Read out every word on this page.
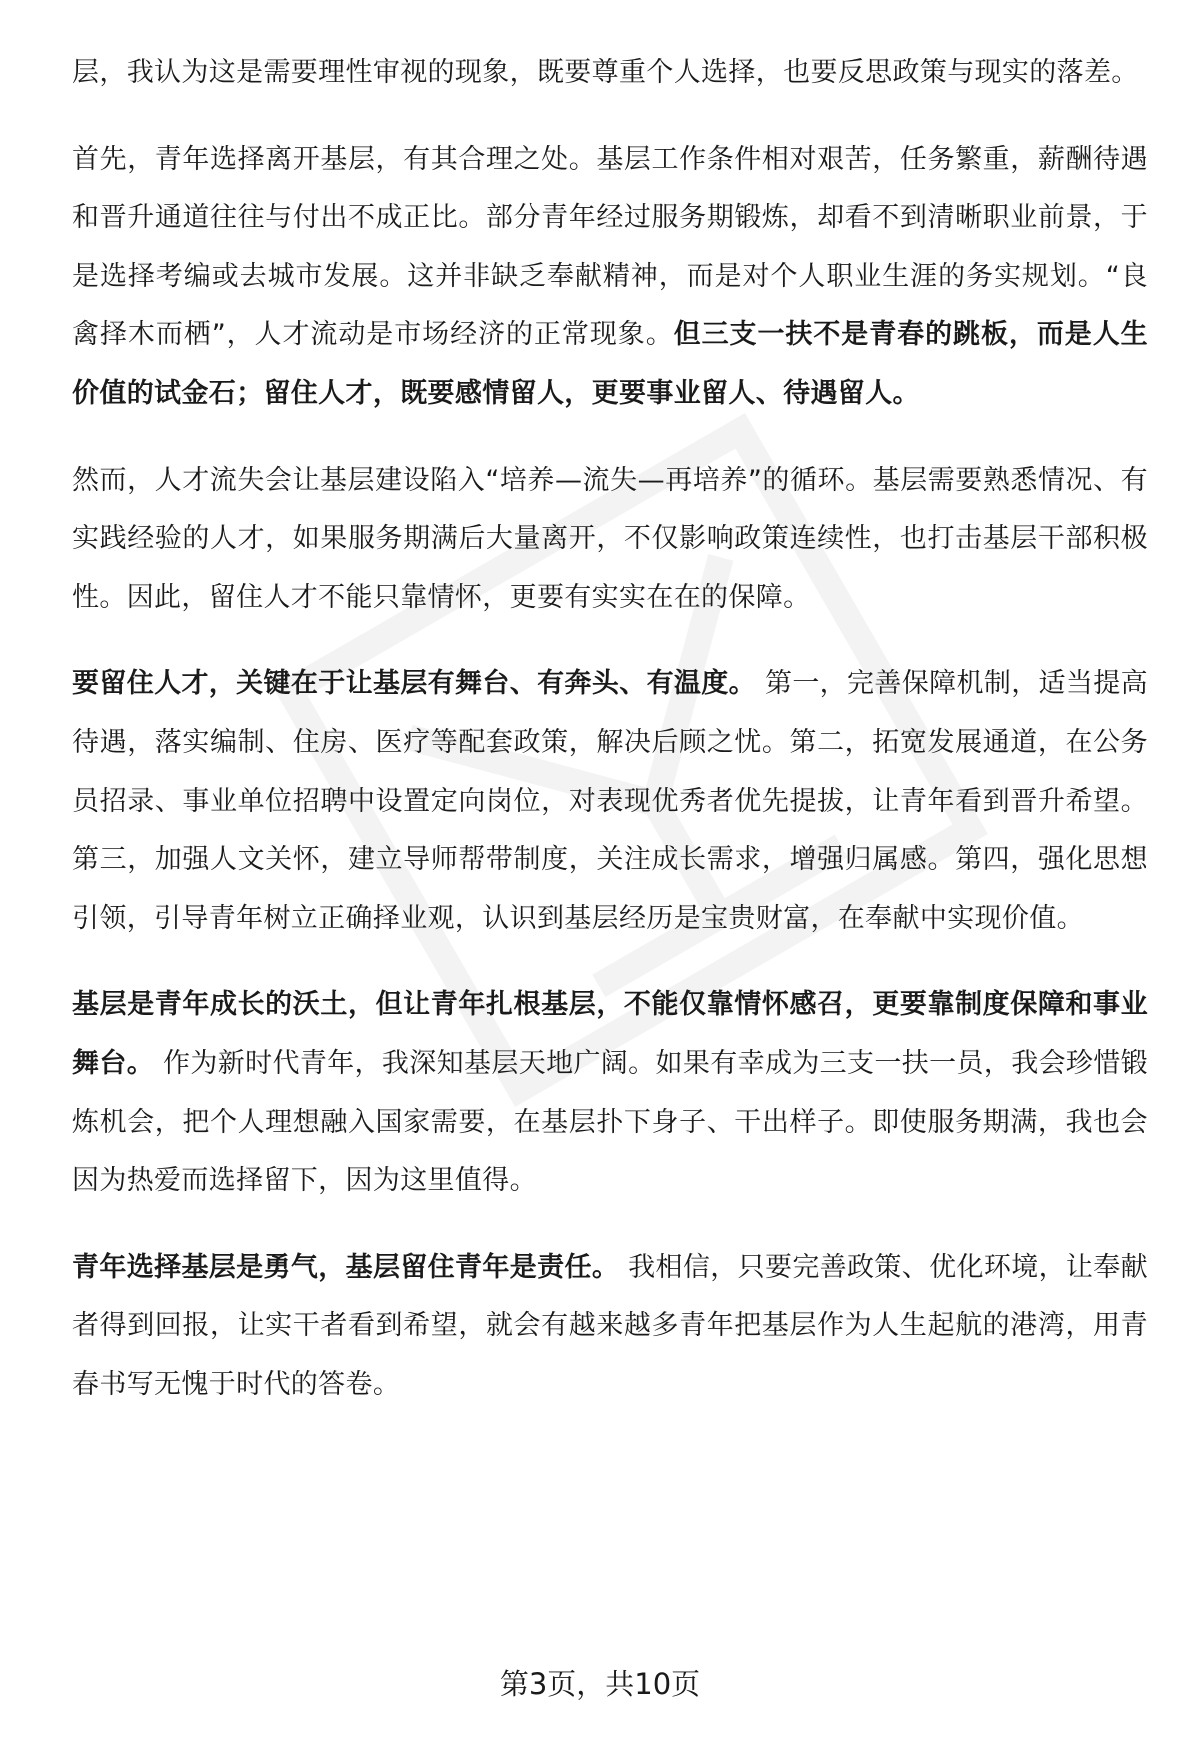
层，我认为这是需要理性审视的现象，既要尊重个人选择，也要反思政策与现实的落差。

首先，青年选择离开基层，有其合理之处。基层工作条件相对艰苦，任务繁重，薪酬待遇和晋升通道往往与付出不成正比。部分青年经过服务期锻炼，却看不到清晰职业前景，于是选择考编或去城市发展。这并非缺乏奉献精神，而是对个人职业生涯的务实规划。“良禽择木而栖”，人才流动是市场经济的正常现象。但三支一扶不是青春的跳板，而是人生价值的试金石；留住人才，既要感情留人，更要事业留人、待遇留人。

然而，人才流失会让基层建设陷入“培养—流失—再培养”的循环。基层需要熟悉情况、有实践经验的人才，如果服务期满后大量离开，不仅影响政策连续性，也打击基层干部积极性。因此，留住人才不能只靠情怀，更要有实实在在的保障。

要留住人才，关键在于让基层有舞台、有奔头、有温度。 第一，完善保障机制，适当提高待遇，落实编制、住房、医疗等配套政策，解决后顾之忧。第二，拓宽发展通道，在公务员招录、事业单位招聘中设置定向岗位，对表现优秀者优先提拔，让青年看到晋升希望。第三，加强人文关怀，建立导师帮带制度，关注成长需求，增强归属感。第四，强化思想引领，引导青年树立正确择业观，认识到基层经历是宝贵财富，在奉献中实现价值。

基层是青年成长的沃土，但让青年扎根基层，不能仅靠情怀感召，更要靠制度保障和事业舞台。 作为新时代青年，我深知基层天地广阔。如果有幸成为三支一扶一员，我会珍惜锻炼机会，把个人理想融入国家需要，在基层扑下身子、干出样子。即使服务期满，我也会因为热爱而选择留下，因为这里值得。

青年选择基层是勇气，基层留住青年是责任。 我相信，只要完善政策、优化环境，让奉献者得到回报，让实干者看到希望，就会有越来越多青年把基层作为人生起航的港湾，用青春书写无愧于时代的答卷。

第3页，共10页
